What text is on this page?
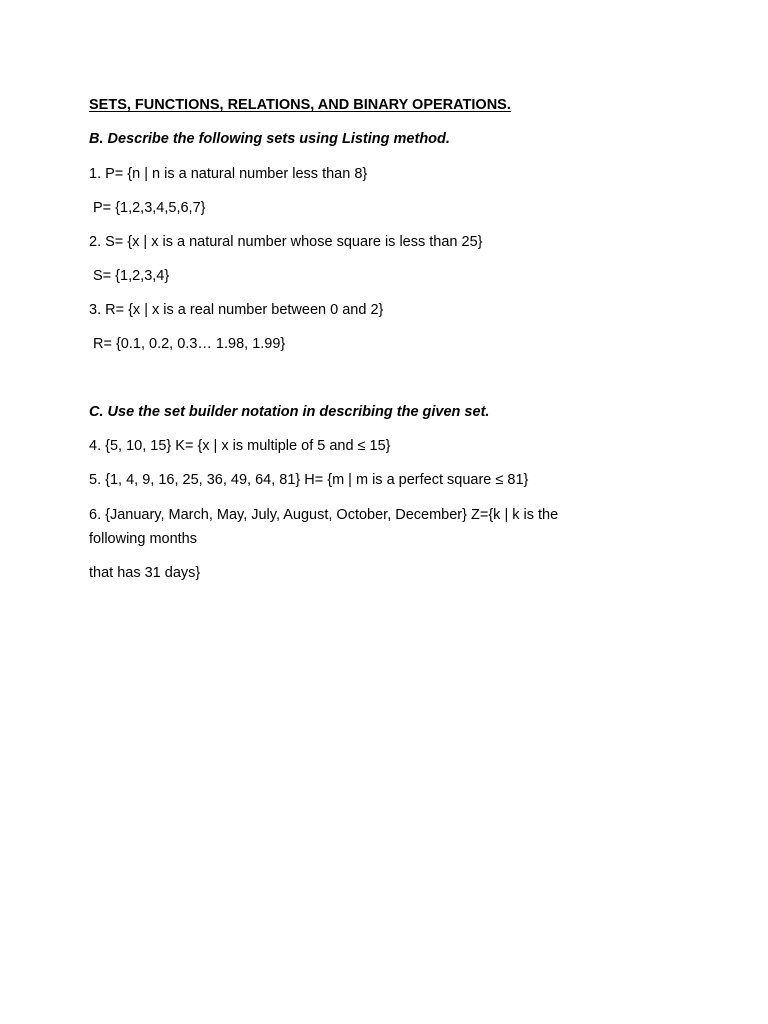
SETS, FUNCTIONS, RELATIONS, AND BINARY OPERATIONS.
B. Describe the following sets using Listing method.
1. P= {n | n is a natural number less than 8}
P= {1,2,3,4,5,6,7}
2. S= {x | x is a natural number whose square is less than 25}
S= {1,2,3,4}
3. R= {x | x is a real number between 0 and 2}
R= {0.1, 0.2, 0.3… 1.98, 1.99}
C. Use the set builder notation in describing the given set.
4. {5, 10, 15} K= {x | x is multiple of 5 and ≤ 15}
5. {1, 4, 9, 16, 25, 36, 49, 64, 81} H= {m | m is a perfect square ≤ 81}
6. {January, March, May, July, August, October, December} Z={k | k is the
following months
that has 31 days}
